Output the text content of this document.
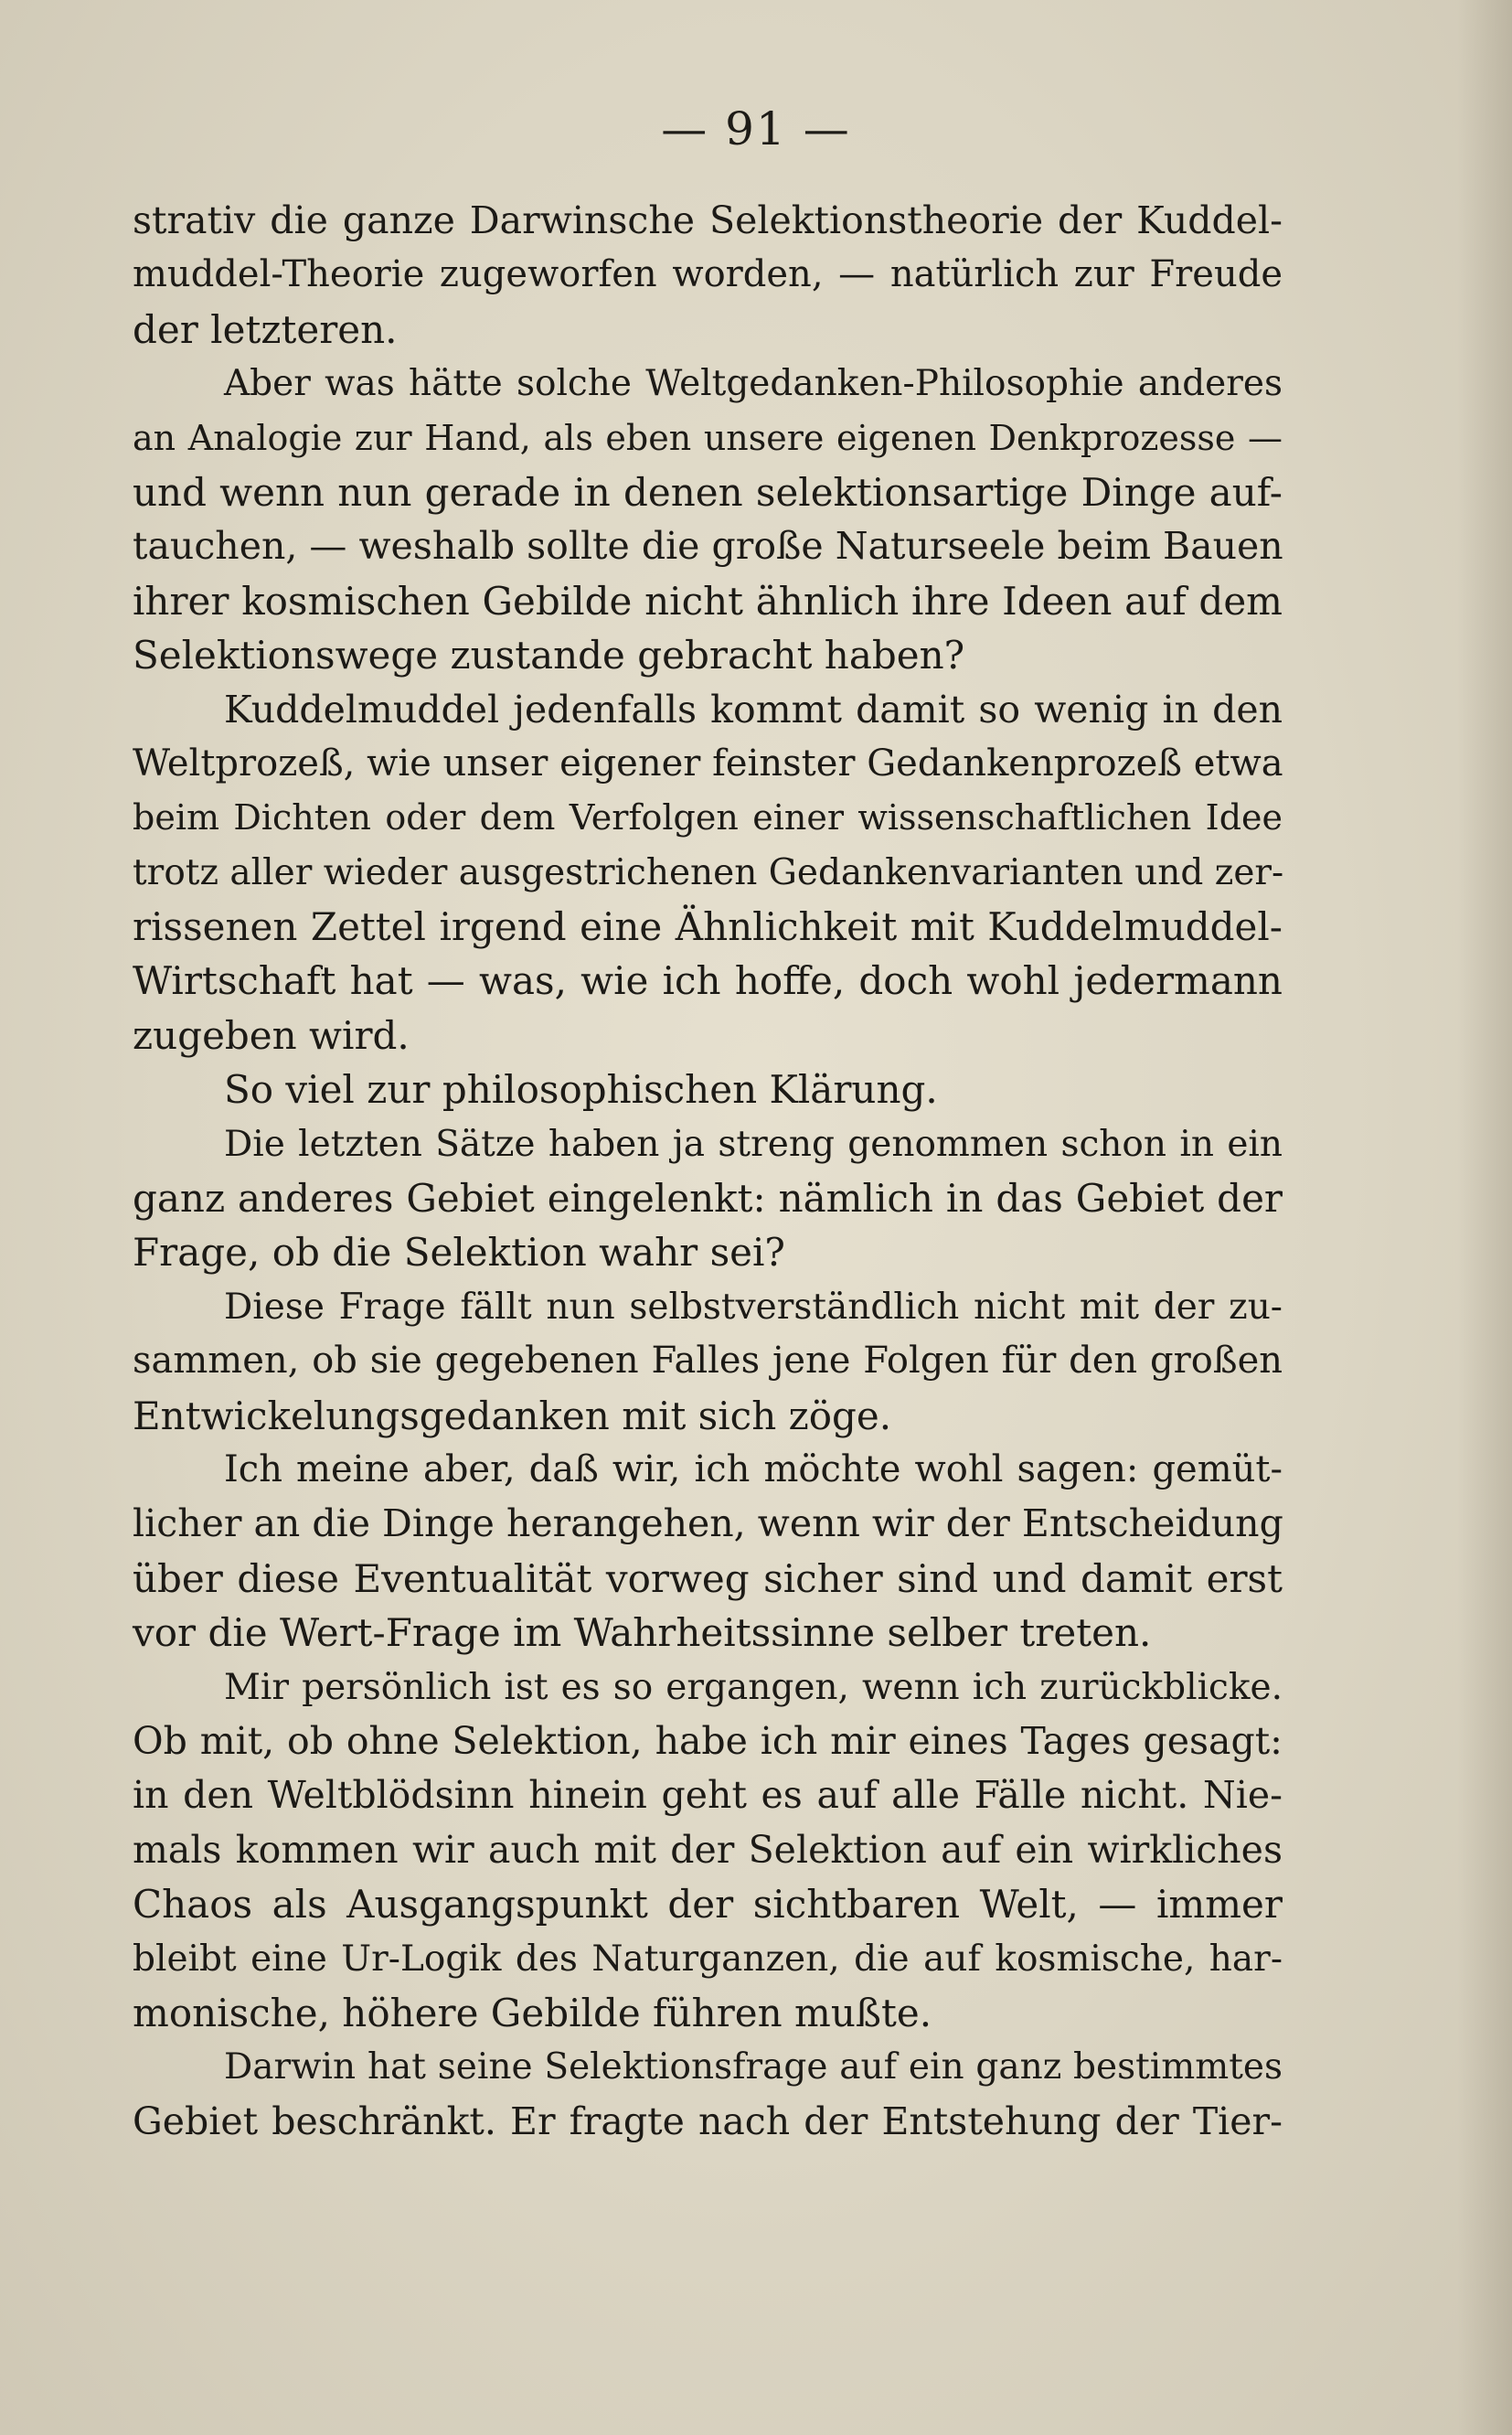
— 91 —
strativ die ganze Darwinsche Selektionstheorie der Kuddel-
muddel-Theorie zugeworfen worden, — natürlich zur Freude
der letzteren.
Aber was hätte solche Weltgedanken-Philosophie anderes
an Analogie zur Hand, als eben unsere eigenen Denkprozesse —
und wenn nun gerade in denen selektionsartige Dinge auf-
tauchen, — weshalb sollte die große Naturseele beim Bauen
ihrer kosmischen Gebilde nicht ähnlich ihre Ideen auf dem
Selektionswege zustande gebracht haben?
Kuddelmuddel jedenfalls kommt damit so wenig in den
Weltprozeß, wie unser eigener feinster Gedankenprozeß etwa
beim Dichten oder dem Verfolgen einer wissenschaftlichen Idee
trotz aller wieder ausgestrichenen Gedankenvarianten und zer-
rissenen Zettel irgend eine Ähnlichkeit mit Kuddelmuddel-
Wirtschaft hat — was, wie ich hoffe, doch wohl jedermann
zugeben wird.
So viel zur philosophischen Klärung.
Die letzten Sätze haben ja streng genommen schon in ein
ganz anderes Gebiet eingelenkt: nämlich in das Gebiet der
Frage, ob die Selektion wahr sei?
Diese Frage fällt nun selbstverständlich nicht mit der zu-
sammen, ob sie gegebenen Falles jene Folgen für den großen
Entwickelungsgedanken mit sich zöge.
Ich meine aber, daß wir, ich möchte wohl sagen: gemüt-
licher an die Dinge herangehen, wenn wir der Entscheidung
über diese Eventualität vorweg sicher sind und damit erst
vor die Wert-Frage im Wahrheitssinne selber treten.
Mir persönlich ist es so ergangen, wenn ich zurückblicke.
Ob mit, ob ohne Selektion, habe ich mir eines Tages gesagt:
in den Weltblödsinn hinein geht es auf alle Fälle nicht. Nie-
mals kommen wir auch mit der Selektion auf ein wirkliches
Chaos als Ausgangspunkt der sichtbaren Welt, — immer
bleibt eine Ur-Logik des Naturganzen, die auf kosmische, har-
monische, höhere Gebilde führen mußte.
Darwin hat seine Selektionsfrage auf ein ganz bestimmtes
Gebiet beschränkt. Er fragte nach der Entstehung der Tier-
